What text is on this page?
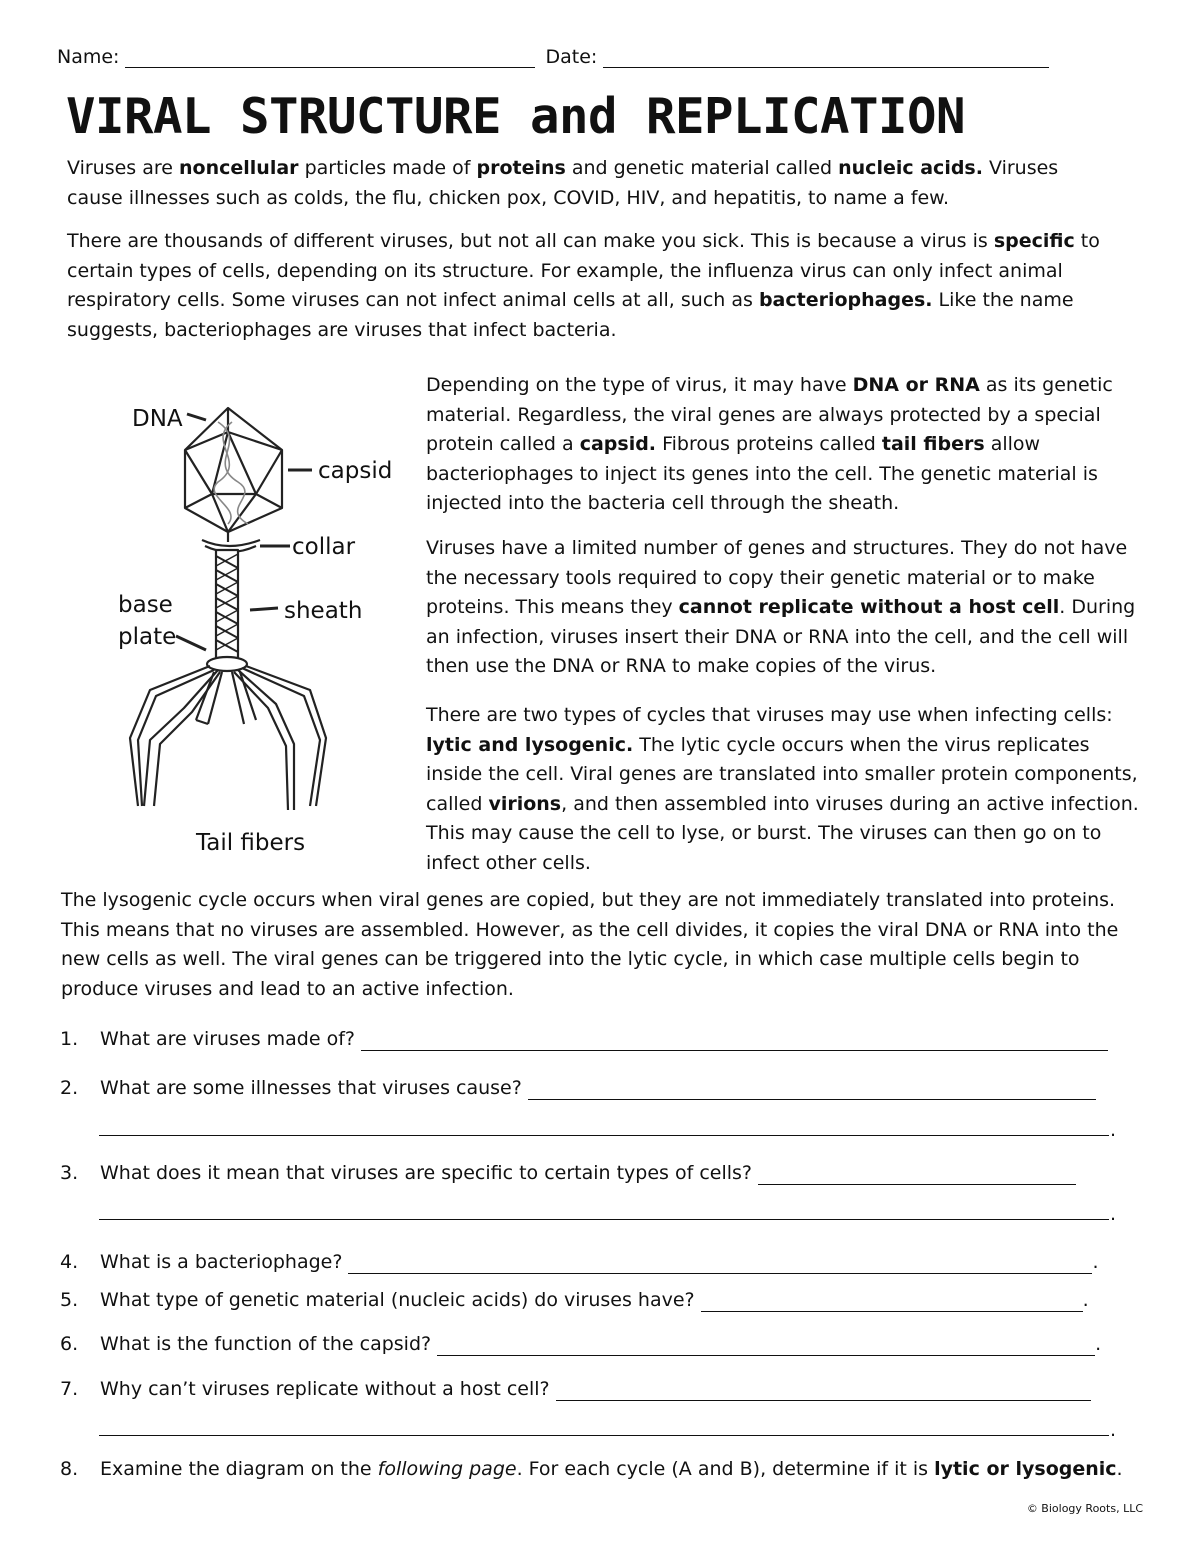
Name:	Date:
VIRAL STRUCTURE and REPLICATION

Viruses are noncellular particles made of proteins and genetic material called nucleic acids. Viruses cause illnesses such as colds, the flu, chicken pox, COVID, HIV, and hepatitis, to name a few.

There are thousands of different viruses, but not all can make you sick. This is because a virus is specific to certain types of cells, depending on its structure. For example, the influenza virus can only infect animal respiratory cells. Some viruses can not infect animal cells at all, such as bacteriophages. Like the name suggests, bacteriophages are viruses that infect bacteria.

DNA
capsid
collar
base
plate
sheath
Tail fibers

Depending on the type of virus, it may have DNA or RNA as its genetic material. Regardless, the viral genes are always protected by a special protein called a capsid. Fibrous proteins called tail fibers allow bacteriophages to inject its genes into the cell. The genetic material is injected into the bacteria cell through the sheath.

Viruses have a limited number of genes and structures. They do not have the necessary tools required to copy their genetic material or to make proteins. This means they cannot replicate without a host cell. During an infection, viruses insert their DNA or RNA into the cell, and the cell will then use the DNA or RNA to make copies of the virus.

There are two types of cycles that viruses may use when infecting cells: lytic and lysogenic. The lytic cycle occurs when the virus replicates inside the cell. Viral genes are translated into smaller protein components, called virions, and then assembled into viruses during an active infection. This may cause the cell to lyse, or burst. The viruses can then go on to infect other cells.

The lysogenic cycle occurs when viral genes are copied, but they are not immediately translated into proteins. This means that no viruses are assembled. However, as the cell divides, it copies the viral DNA or RNA into the new cells as well. The viral genes can be triggered into the lytic cycle, in which case multiple cells begin to produce viruses and lead to an active infection.

1.	What are viruses made of?
2.	What are some illnesses that viruses cause?
.
3.	What does it mean that viruses are specific to certain types of cells?
.
4.	What is a bacteriophage?	.
5.	What type of genetic material (nucleic acids) do viruses have?	.
6.	What is the function of the capsid?	.
7.	Why can’t viruses replicate without a host cell?
.
8.	Examine the diagram on the following page. For each cycle (A and B), determine if it is lytic or lysogenic.
© Biology Roots, LLC
